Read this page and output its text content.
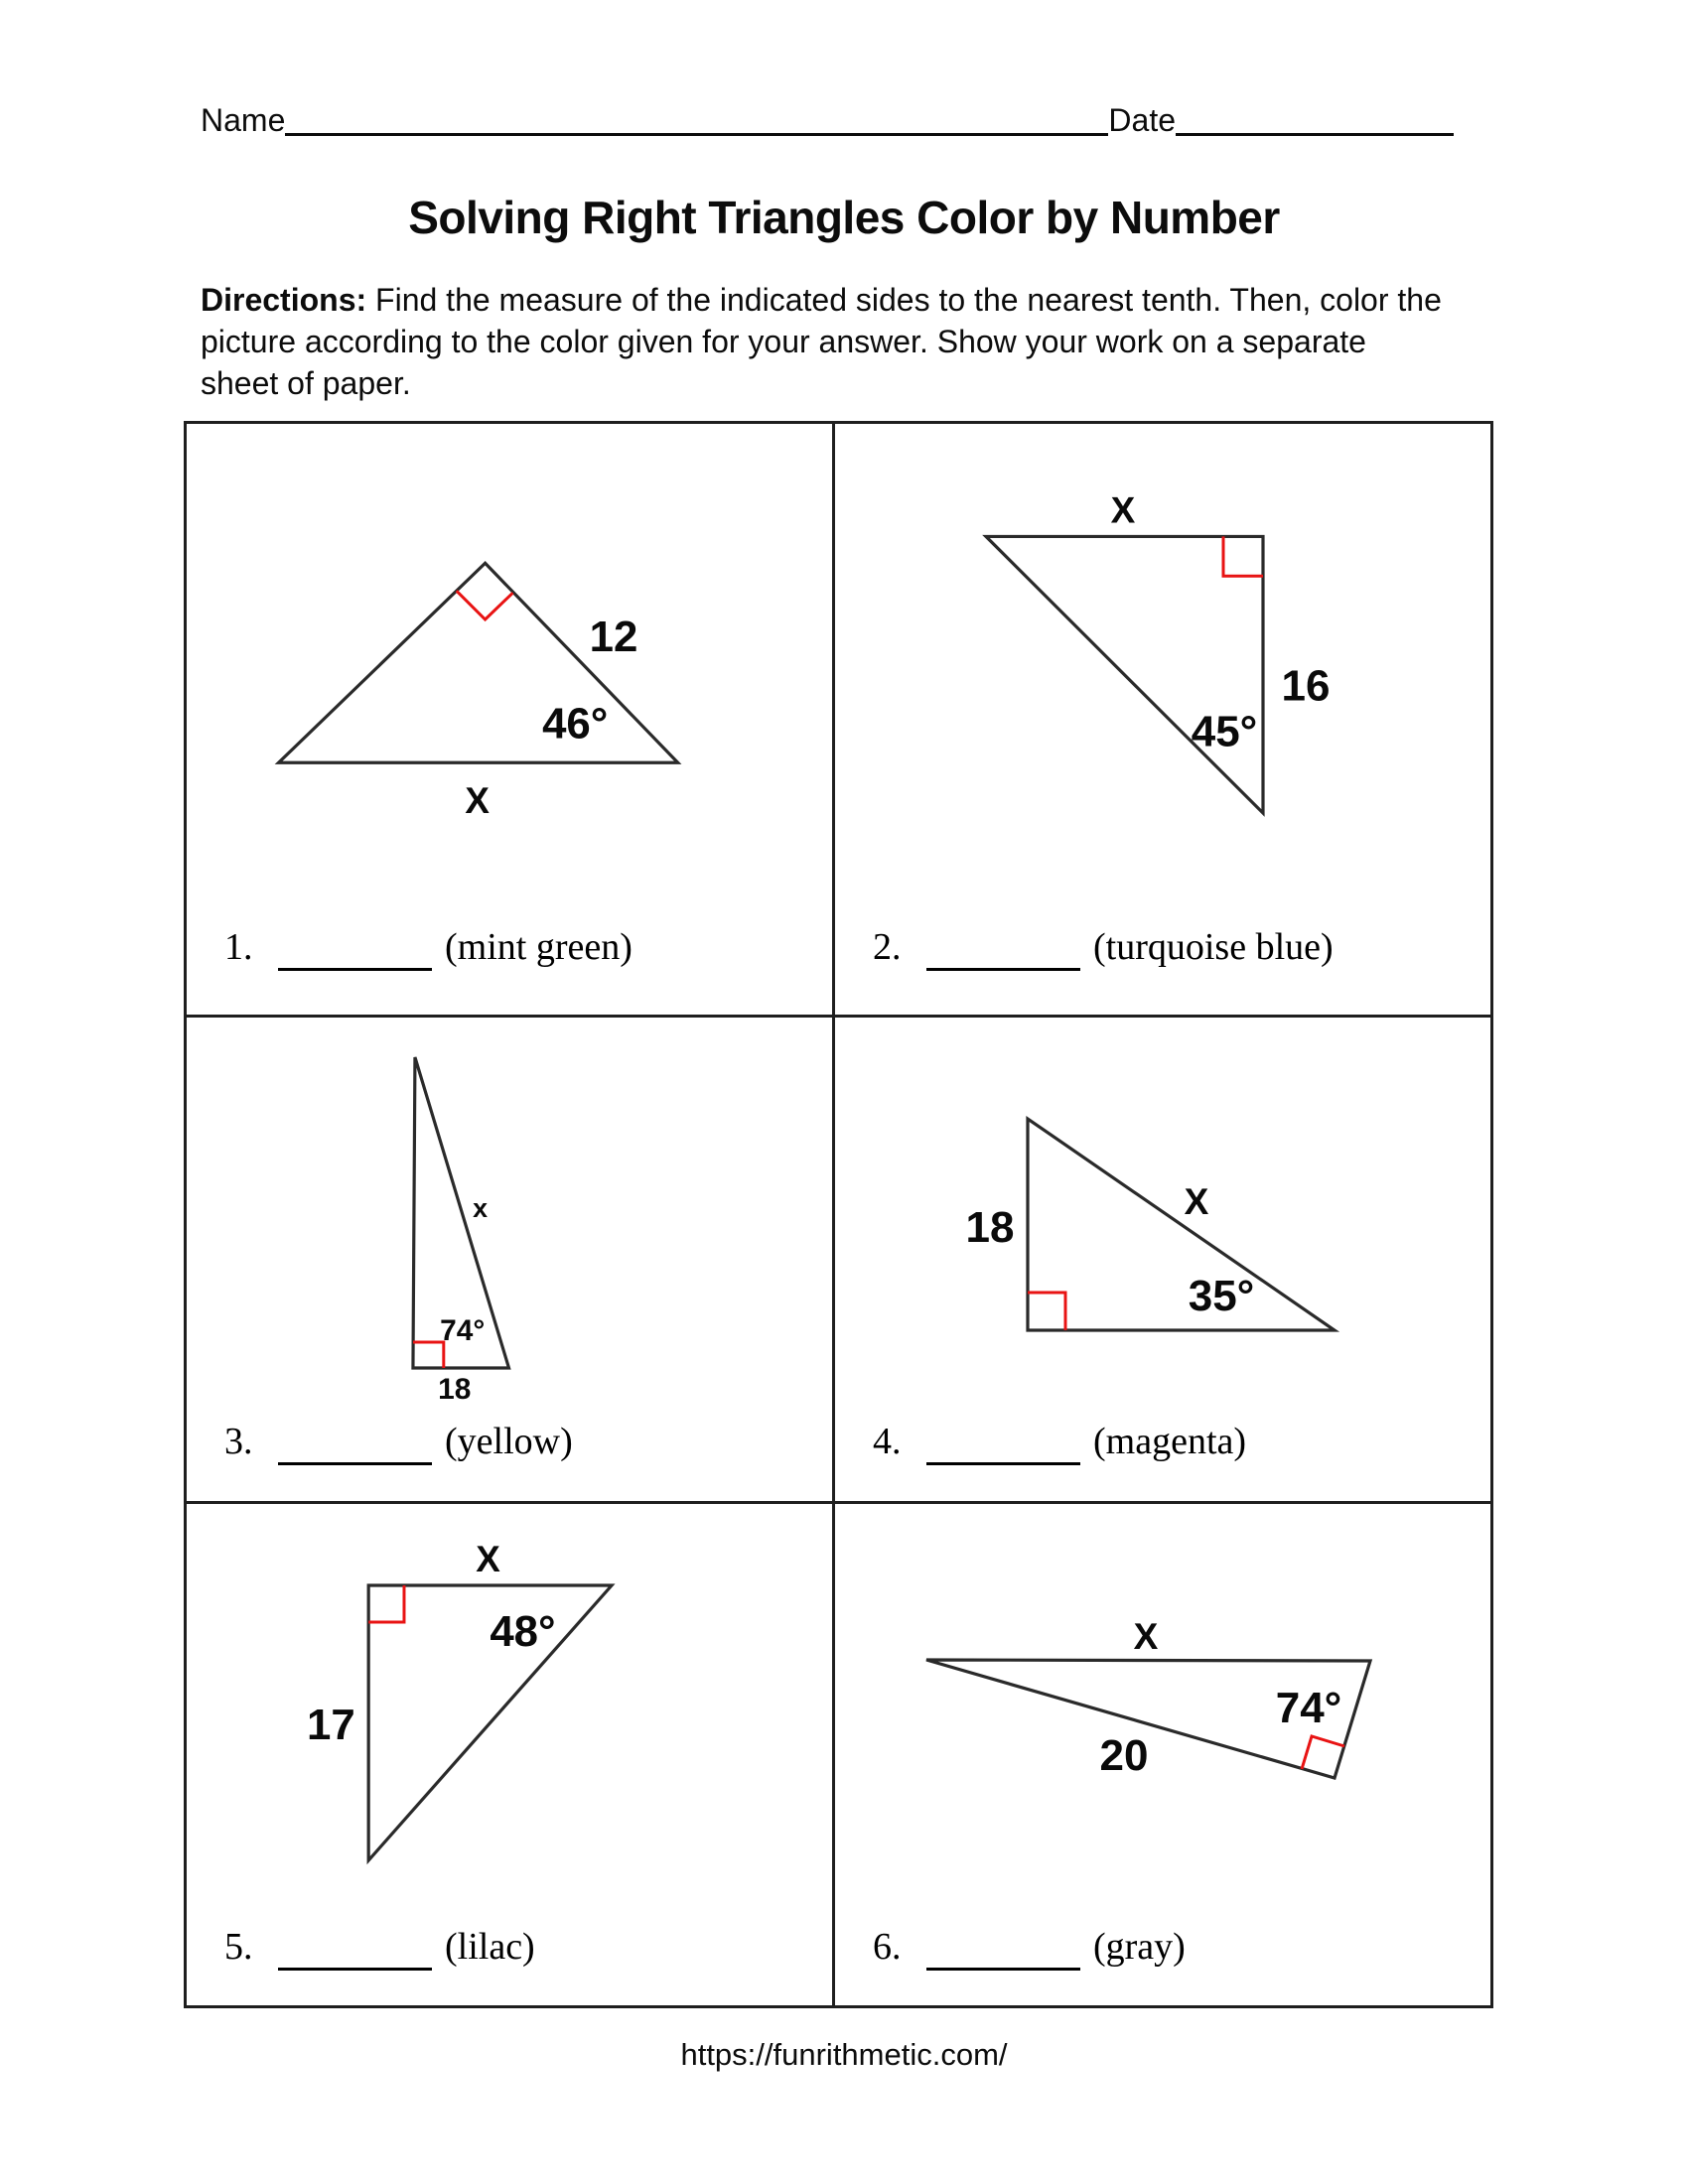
Name	Date
Solving Right Triangles Color by Number
Directions: Find the measure of the indicated sides to the nearest tenth. Then, color the
picture according to the color given for your answer. Show your work on a separate
sheet of paper.
12
46°
X
1.	(mint green)
X
16
45°
2.	(turquoise blue)
x
74°
18
3.	(yellow)
18
X
35°
4.	(magenta)
X
48°
17
5.	(lilac)
X
74°
20
6.	(gray)
https://funrithmetic.com/
